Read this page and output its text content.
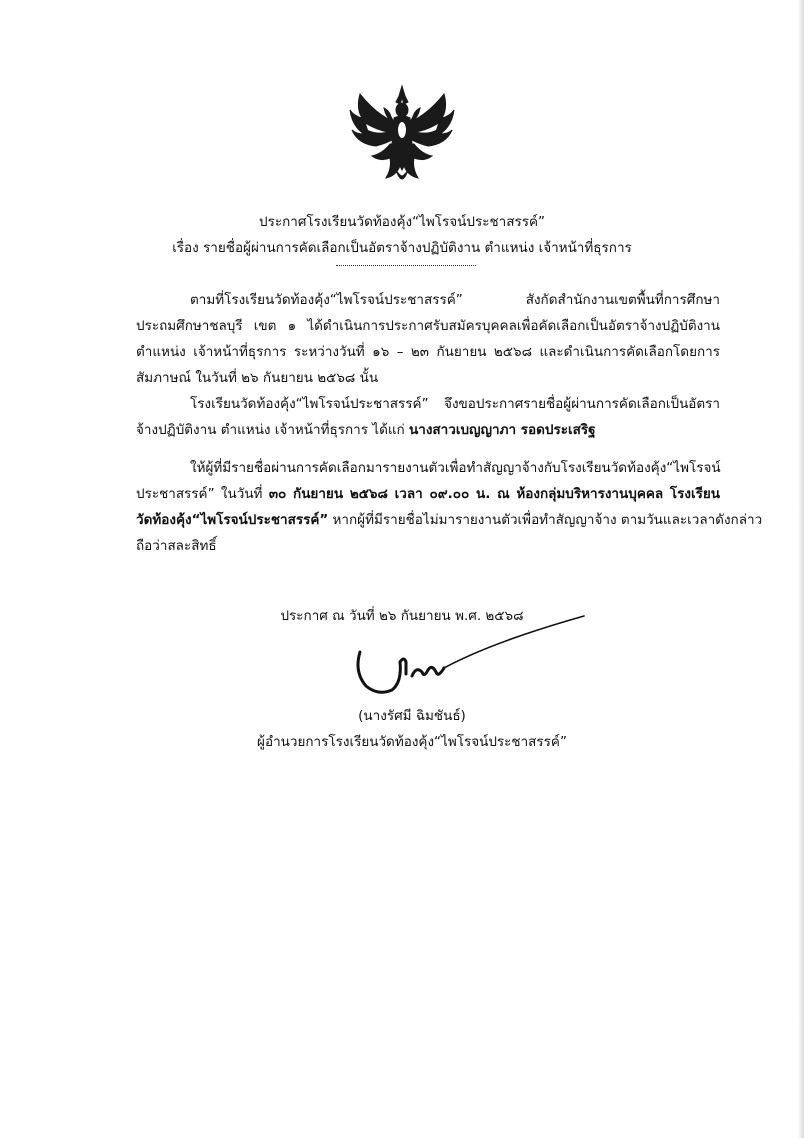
ประกาศโรงเรียนวัดท้องคุ้ง“ไพโรจน์ประชาสรรค์”
เรื่อง รายชื่อผู้ผ่านการคัดเลือกเป็นอัตราจ้างปฏิบัติงาน ตำแหน่ง เจ้าหน้าที่ธุรการ
ตามที่โรงเรียนวัดท้องคุ้ง“ไพโรจน์ประชาสรรค์” สังกัดสำนักงานเขตพื้นที่การศึกษา
ประถมศึกษาชลบุรี เขต ๑ ได้ดำเนินการประกาศรับสมัครบุคคลเพื่อคัดเลือกเป็นอัตราจ้างปฏิบัติงาน
ตำแหน่ง เจ้าหน้าที่ธุรการ ระหว่างวันที่ ๑๖ – ๒๓ กันยายน ๒๕๖๘ และดำเนินการคัดเลือกโดยการ
สัมภาษณ์ ในวันที่ ๒๖ กันยายน ๒๕๖๘ นั้น
โรงเรียนวัดท้องคุ้ง“ไพโรจน์ประชาสรรค์” จึงขอประกาศรายชื่อผู้ผ่านการคัดเลือกเป็นอัตรา
จ้างปฏิบัติงาน ตำแหน่ง เจ้าหน้าที่ธุรการ ได้แก่ นางสาวเบญญาภา รอดประเสริฐ
ให้ผู้ที่มีรายชื่อผ่านการคัดเลือกมารายงานตัวเพื่อทำสัญญาจ้างกับโรงเรียนวัดท้องคุ้ง“ไพโรจน์
ประชาสรรค์” ในวันที่ ๓๐ กันยายน ๒๕๖๘ เวลา ๐๙.๐๐ น. ณ ห้องกลุ่มบริหารงานบุคคล โรงเรียน
วัดท้องคุ้ง“ไพโรจน์ประชาสรรค์” หากผู้ที่มีรายชื่อไม่มารายงานตัวเพื่อทำสัญญาจ้าง ตามวันและเวลาดังกล่าว
ถือว่าสละสิทธิ์
ประกาศ ณ วันที่ ๒๖ กันยายน พ.ศ. ๒๕๖๘
(นางรัศมี ฉิมชันธ์)
ผู้อำนวยการโรงเรียนวัดท้องคุ้ง“ไพโรจน์ประชาสรรค์”
